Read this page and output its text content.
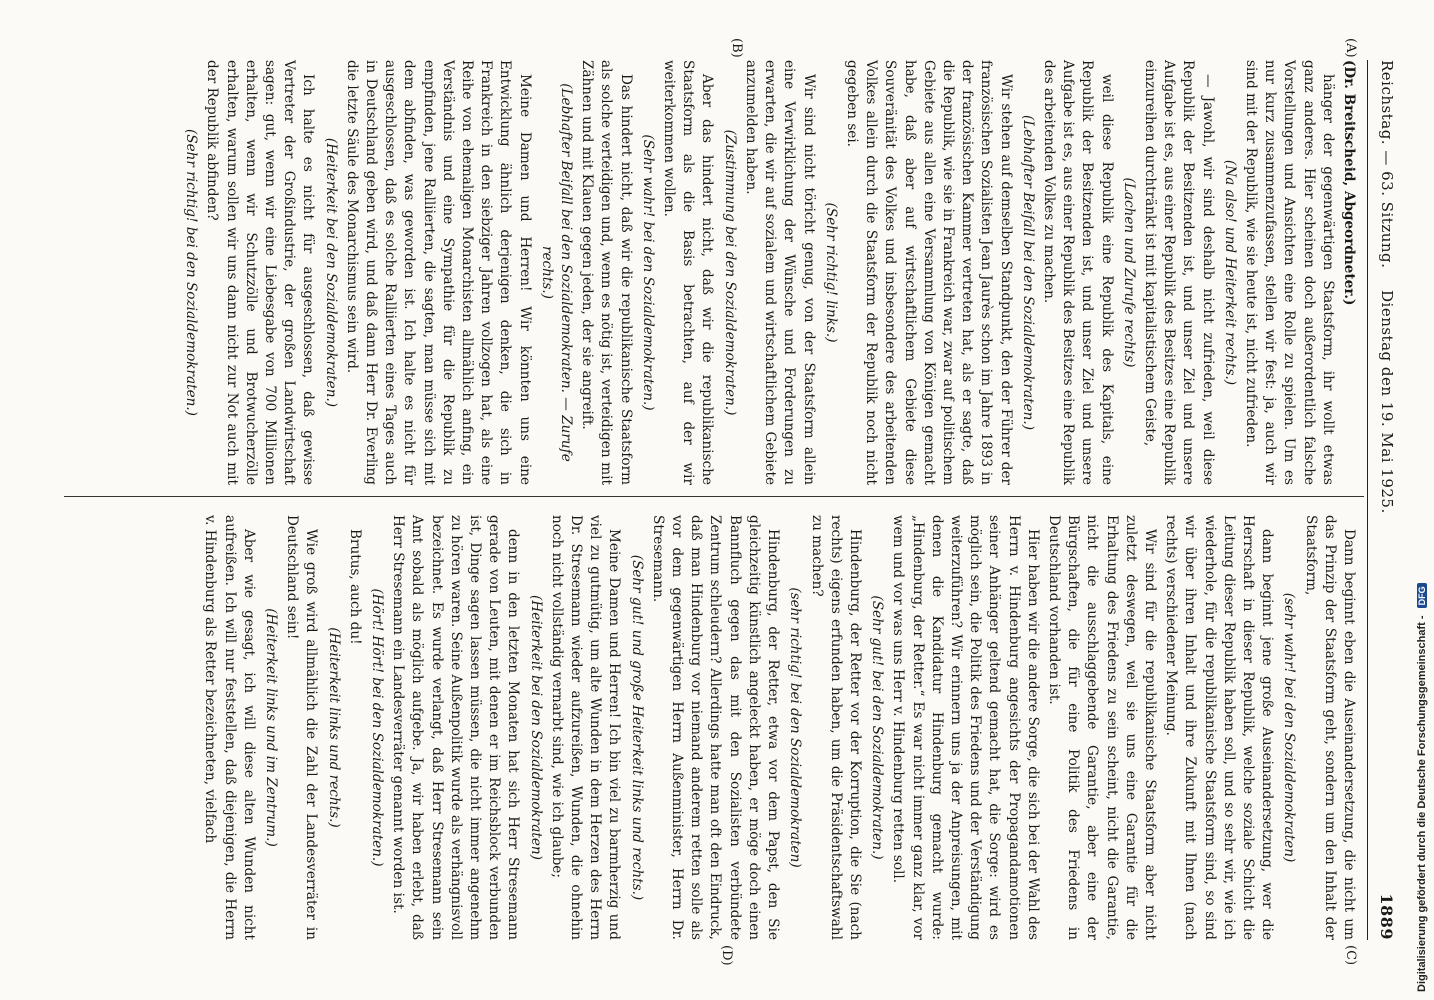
Reichstag. — 63. Sitzung.
Dienstag den 19. Mai 1925.
1889
(A)
(B)
(C)
(D)

(Dr. Breitscheid, Abgeordneter.)

hänger der gegenwärtigen Staatsform, ihr wollt etwas ganz anderes. Hier scheinen doch außerordentlich falsche Vorstellungen und Ansichten eine Rolle zu spielen. Um es nur kurz zusammenzufassen, stellen wir fest: ja, auch wir sind mit der Republik, wie sie heute ist, nicht zufrieden.

(Na also! und Heiterkeit rechts.)

— Jawohl, wir sind deshalb nicht zufrieden, weil diese Republik der Besitzenden ist, und unser Ziel und unsere Aufgabe ist es, aus einer Republik des Besitzes eine Republik einzureihen durchtränkt ist mit kapitalistischem Geiste,

(Lachen und Zurufe rechts)

weil diese Republik eine Republik des Kapitals, eine Republik der Besitzenden ist, und unser Ziel und unsere Aufgabe ist es, aus einer Republik des Besitzes eine Republik des arbeitenden Volkes zu machen.

(Lebhafter Beifall bei den Sozialdemokraten.)

Wir stehen auf demselben Standpunkt, den der Führer der französischen Sozialisten Jean Jaurès schon im Jahre 1893 in der französischen Kammer vertreten hat, als er sagte, daß die Republik, wie sie in Frankreich war, zwar auf politischem Gebiete aus allen eine Versammlung von Königen gemacht habe, daß aber auf wirtschaftlichem Gebiete diese Souveränität des Volkes und insbesondere des arbeitenden Volkes allein durch die Staatsform der Republik noch nicht gegeben sei.

(Sehr richtig! links.)

Wir sind nicht töricht genug, von der Staatsform allein eine Verwirklichung der Wünsche und Forderungen zu erwarten, die wir auf sozialem und wirtschaftlichem Gebiete anzumelden haben.

(Zustimmung bei den Sozialdemokraten.)

Aber das hindert nicht, daß wir die republikanische Staatsform als die Basis betrachten, auf der wir weiterkommen wollen.

(Sehr wahr! bei den Sozialdemokraten.)

Das hindert nicht, daß wir die republikanische Staatsform als solche verteidigen und, wenn es nötig ist, verteidigen mit Zähnen und mit Klauen gegen jeden, der sie angreift.

(Lebhafter Beifall bei den Sozialdemokraten. — Zurufe rechts.)

Meine Damen und Herren! Wir könnten uns eine Entwicklung ähnlich derjenigen denken, die sich in Frankreich in den siebziger Jahren vollzogen hat, als eine Reihe von ehemaligen Monarchisten allmählich anfing, ein Verständnis und eine Sympathie für die Republik zu empfinden, jene Ralliierten, die sagten, man müsse sich mit dem abfinden, was geworden ist. Ich halte es nicht für ausgeschlossen, daß es solche Ralliierten eines Tages auch in Deutschland geben wird, und daß dann Herr Dr. Everling die letzte Säule des Monarchismus sein wird.

(Heiterkeit bei den Sozialdemokraten.)

Ich halte es nicht für ausgeschlossen, daß gewisse Vertreter der Großindustrie, der großen Landwirtschaft sagen: gut, wenn wir eine Liebesgabe von 700 Millionen erhalten, wenn wir Schutzzölle und Brotwucherzölle erhalten, warum sollen wir uns dann nicht zur Not auch mit der Republik abfinden?

(Sehr richtig! bei den Sozialdemokraten.)

Dann beginnt eben die Auseinandersetzung, die nicht um das Prinzip der Staatsform geht, sondern um den Inhalt der Staatsform,

(sehr wahr! bei den Sozialdemokraten)

dann beginnt jene große Auseinandersetzung, wer die Herrschaft in dieser Republik, welche soziale Schicht die Leitung dieser Republik haben soll, und so sehr wir, wie ich wiederhole, für die republikanische Staatsform sind, so sind wir über ihren Inhalt und ihre Zukunft mit Ihnen (nach rechts) verschiedener Meinung.

Wir sind für die republikanische Staatsform aber nicht zuletzt deswegen, weil sie uns eine Garantie für die Erhaltung des Friedens zu sein scheint, nicht die Garantie, nicht die ausschlaggebende Garantie, aber eine der Bürgschaften, die für eine Politik des Friedens in Deutschland vorhanden ist.

Hier haben wir die andere Sorge, die sich bei der Wahl des Herrn v. Hindenburg angesichts der Propagandamotionen seiner Anhänger geltend gemacht hat, die Sorge: wird es möglich sein, die Politik des Friedens und der Verständigung weiterzuführen? Wir erinnern uns ja der Anpreisungen, mit denen die Kandidatur Hindenburg gemacht wurde: „Hindenburg, der Retter.“ Es war nicht immer ganz klar, vor wem und vor was uns Herr v. Hindenburg retten soll.

(Sehr gut! bei den Sozialdemokraten.)

Hindenburg, der Retter vor der Korruption, die Sie (nach rechts) eigens erfunden haben, um die Präsidentschaftswahl zu machen?

(sehr richtig! bei den Sozialdemokraten)

Hindenburg, der Retter, etwa vor dem Papst, den Sie gleichzeitig künstlich angeleckt haben, er möge doch einen Bannfluch gegen das mit den Sozialisten verbündete Zentrum schleudern? Allerdings hatte man oft den Eindruck, daß man Hindenburg vor niemand anderem retten solle als vor dem gegenwärtigen Herrn Außenminister, Herrn Dr. Stresemann.

(Sehr gut! und große Heiterkeit links und rechts.)

Meine Damen und Herren! Ich bin viel zu barmherzig und viel zu gutmütig, um alte Wunden in dem Herzen des Herrn Dr. Stresemann wieder aufzureißen, Wunden, die ohnehin noch nicht vollständig vernarbt sind, wie ich glaube;

(Heiterkeit bei den Sozialdemokraten)

denn in den letzten Monaten hat sich Herr Stresemann gerade von Leuten, mit denen er im Reichsblock verbunden ist, Dinge sagen lassen müssen, die nicht immer angenehm zu hören waren. Seine Außenpolitik wurde als verhängnisvoll bezeichnet. Es wurde verlangt, daß Herr Stresemann sein Amt sobald als möglich aufgebe. Ja, wir haben erlebt, daß Herr Stresemann ein Landesverräter genannt worden ist.

(Hört! Hört! bei den Sozialdemokraten.)

Brutus, auch du!

(Heiterkeit links und rechts.)

Wie groß wird allmählich die Zahl der Landesverräter in Deutschland sein!

(Heiterkeit links und im Zentrum.)

Aber wie gesagt, ich will diese alten Wunden nicht aufreißen. Ich will nur feststellen, daß diejenigen, die Herrn v. Hindenburg als Retter bezeichneten, vielfach	Digitalisierung gefördert durch die Deutsche Forschungsgemeinschaft - DFG
